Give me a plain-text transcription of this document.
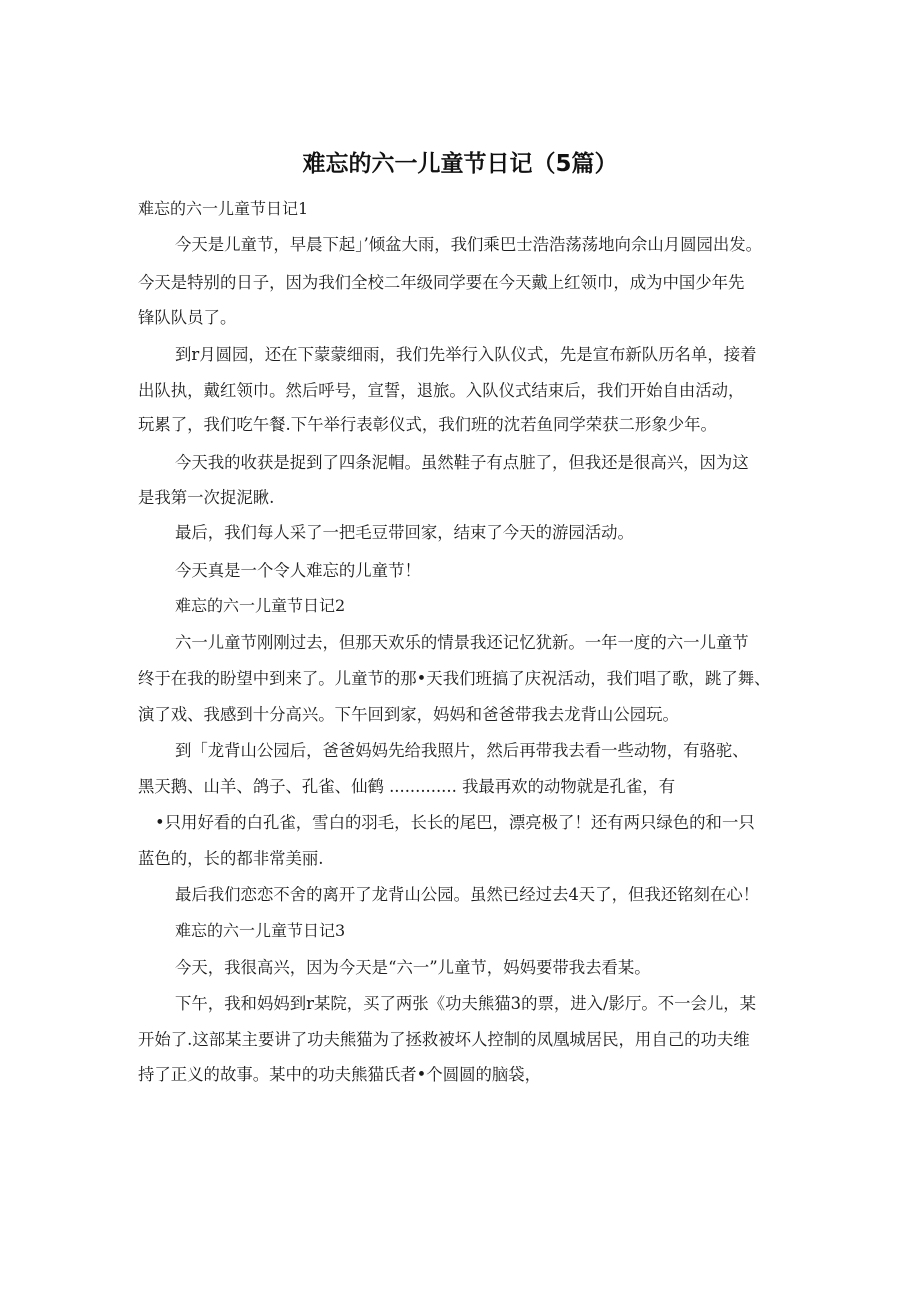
难忘的六一儿童节日记（5篇）
难忘的六一儿童节日记1
今天是儿童节，早晨下起」’倾盆大雨，我们乘巴士浩浩荡荡地向佘山月圆园出发。
今天是特别的日子，因为我们全校二年级同学要在今天戴上红领巾，成为中国少年先
锋队队员了。
到r月圆园，还在下蒙蒙细雨，我们先举行入队仪式，先是宣布新队历名单，接着
出队执，戴红领巾。然后呼号，宣誓，退旅。入队仪式结束后，我们开始自由活动，
玩累了，我们吃午餐.下午举行表彰仪式，我们班的沈若鱼同学荣获二形象少年。
今天我的收获是捉到了四条泥帽。虽然鞋子有点脏了，但我还是很高兴，因为这
是我第一次捉泥瞅.
最后，我们每人采了一把毛豆带回家，结束了今天的游园活动。
今天真是一个令人难忘的儿童节！
难忘的六一儿童节日记2
六一儿童节刚刚过去，但那天欢乐的情景我还记忆犹新。一年一度的六一儿童节
终于在我的盼望中到来了。儿童节的那•天我们班搞了庆祝活动，我们唱了歌，跳了舞、
演了戏、我感到十分高兴。下午回到家，妈妈和爸爸带我去龙背山公园玩。
到「龙背山公园后，爸爸妈妈先给我照片，然后再带我去看一些动物，有骆驼、
黑天鹅、山羊、鸽子、孔雀、仙鹤 ............. 我最再欢的动物就是孔雀，有
•只用好看的白孔雀，雪白的羽毛，长长的尾巴，漂亮极了！还有两只绿色的和一只
蓝色的，长的都非常美丽.
最后我们恋恋不舍的离开了龙背山公园。虽然已经过去4天了，但我还铭刻在心！
难忘的六一儿童节日记3
今天，我很高兴，因为今天是“六一”儿童节，妈妈要带我去看某。
下午，我和妈妈到r某院，买了两张《功夫熊猫3的票，进入/影厅。不一会儿，某
开始了.这部某主要讲了功夫熊猫为了拯救被坏人控制的凤凰城居民，用自己的功夫维
持了正义的故事。某中的功夫熊猫氏者•个圆圆的脑袋，
